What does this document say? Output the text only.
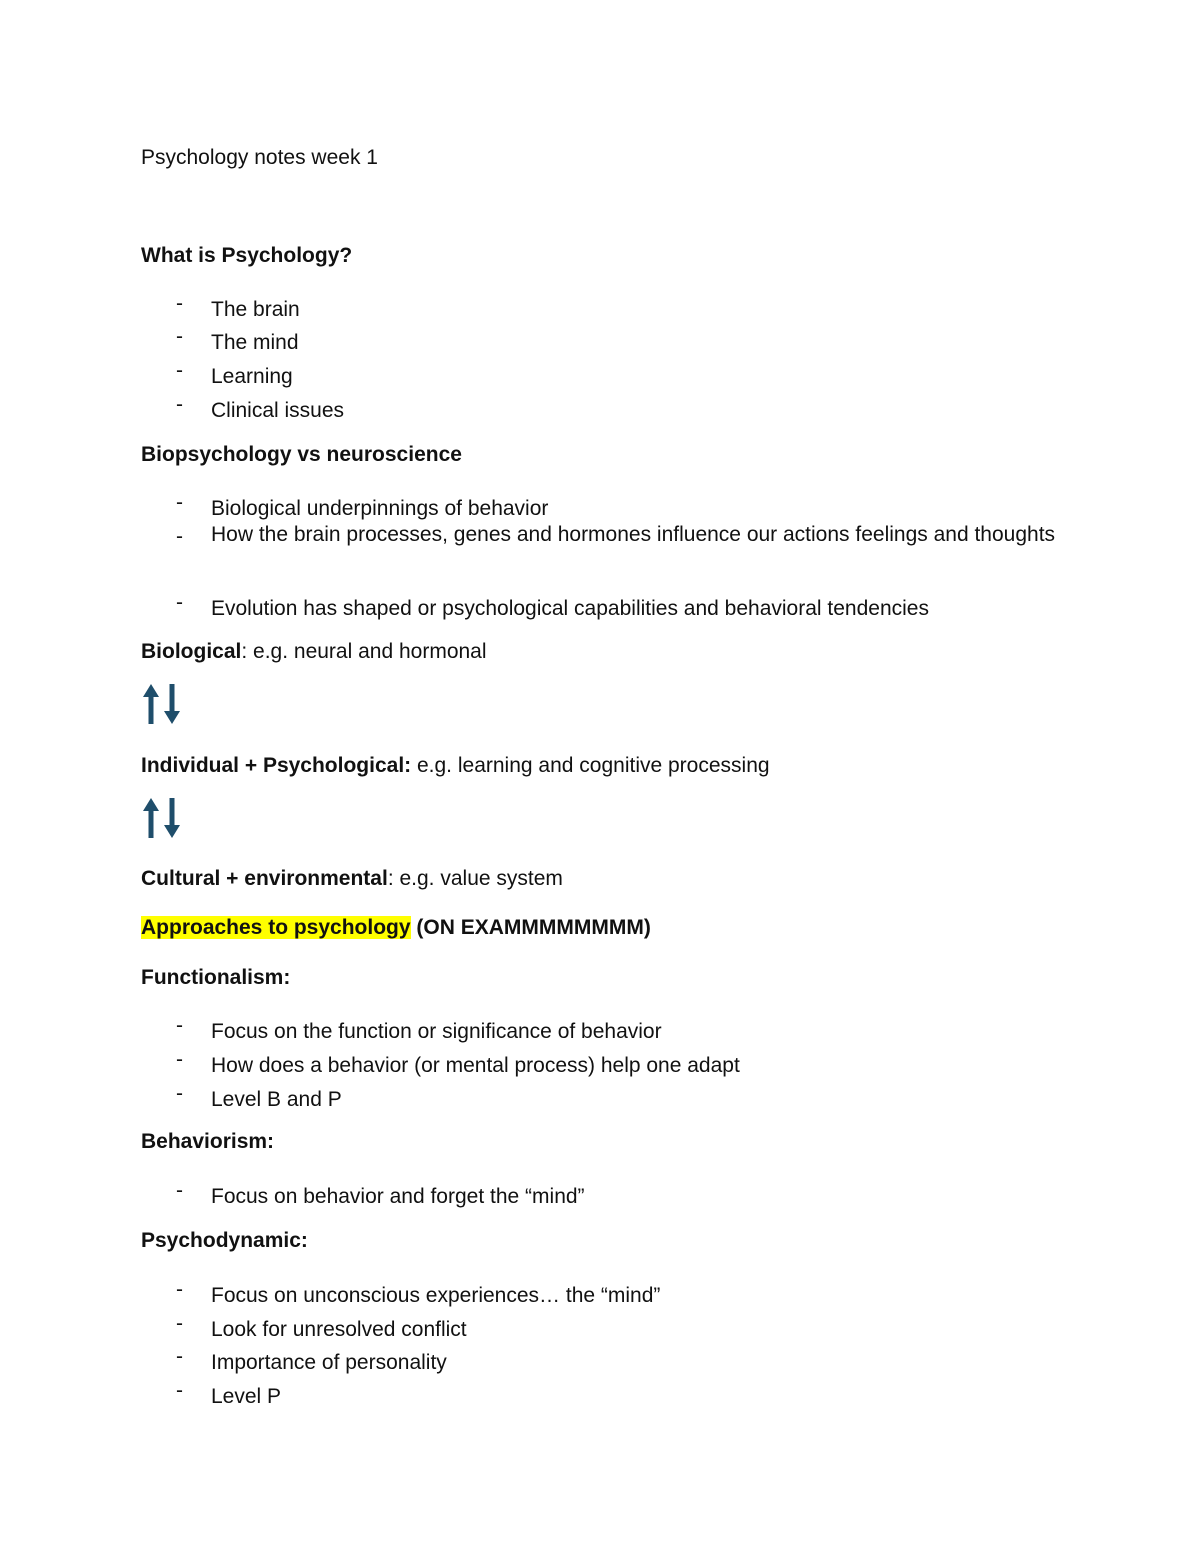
Psychology notes week 1
What is Psychology?
- The brain
- The mind
- Learning
- Clinical issues
Biopsychology vs neuroscience
- Biological underpinnings of behavior
- How the brain processes, genes and hormones influence our actions feelings and thoughts
- Evolution has shaped or psychological capabilities and behavioral tendencies
Biological: e.g. neural and hormonal
Individual + Psychological: e.g. learning and cognitive processing
Cultural + environmental: e.g. value system
Approaches to psychology (ON EXAMMMMMMMM)
Functionalism:
- Focus on the function or significance of behavior
- How does a behavior (or mental process) help one adapt
- Level B and P
Behaviorism:
- Focus on behavior and forget the “mind”
Psychodynamic:
- Focus on unconscious experiences… the “mind”
- Look for unresolved conflict
- Importance of personality
- Level P
